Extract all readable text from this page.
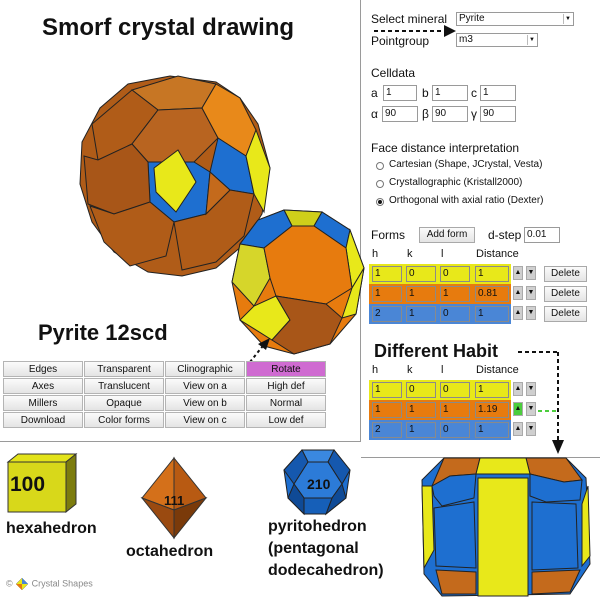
Smorf crystal drawing
Pyrite 12scd
Edges	Transparent	Clinographic	Rotate
Axes	Translucent	View on a	High def
Millers	Opaque	View on b	Normal
Download	Color forms	View on c	Low def
Select mineral	Pyrite	▼
Pointgroup	m3	▼
Celldata
a 1	b 1	c 1
α 90	β 90	γ 90
Face distance interpretation
Cartesian (Shape, JCrystal, Vesta)
Crystallographic (Kristall2000)
Orthogonal with axial ratio (Dexter)
Forms	Add form	d-step 0.01
h	k	l	Distance
1	0	0	1	▲ ▼	Delete
1	1	1	0.81	▲ ▼	Delete
2	1	0	1	▲ ▼	Delete
Different Habit
h	k	l	Distance
1	0	0	1	▲ ▼
1	1	1	1.19	▲ ▼
2	1	0	1	▲ ▼
100
hexahedron
111
octahedron
210
pyritohedron
(pentagonal
dodecahedron)
© Crystal Shapes
